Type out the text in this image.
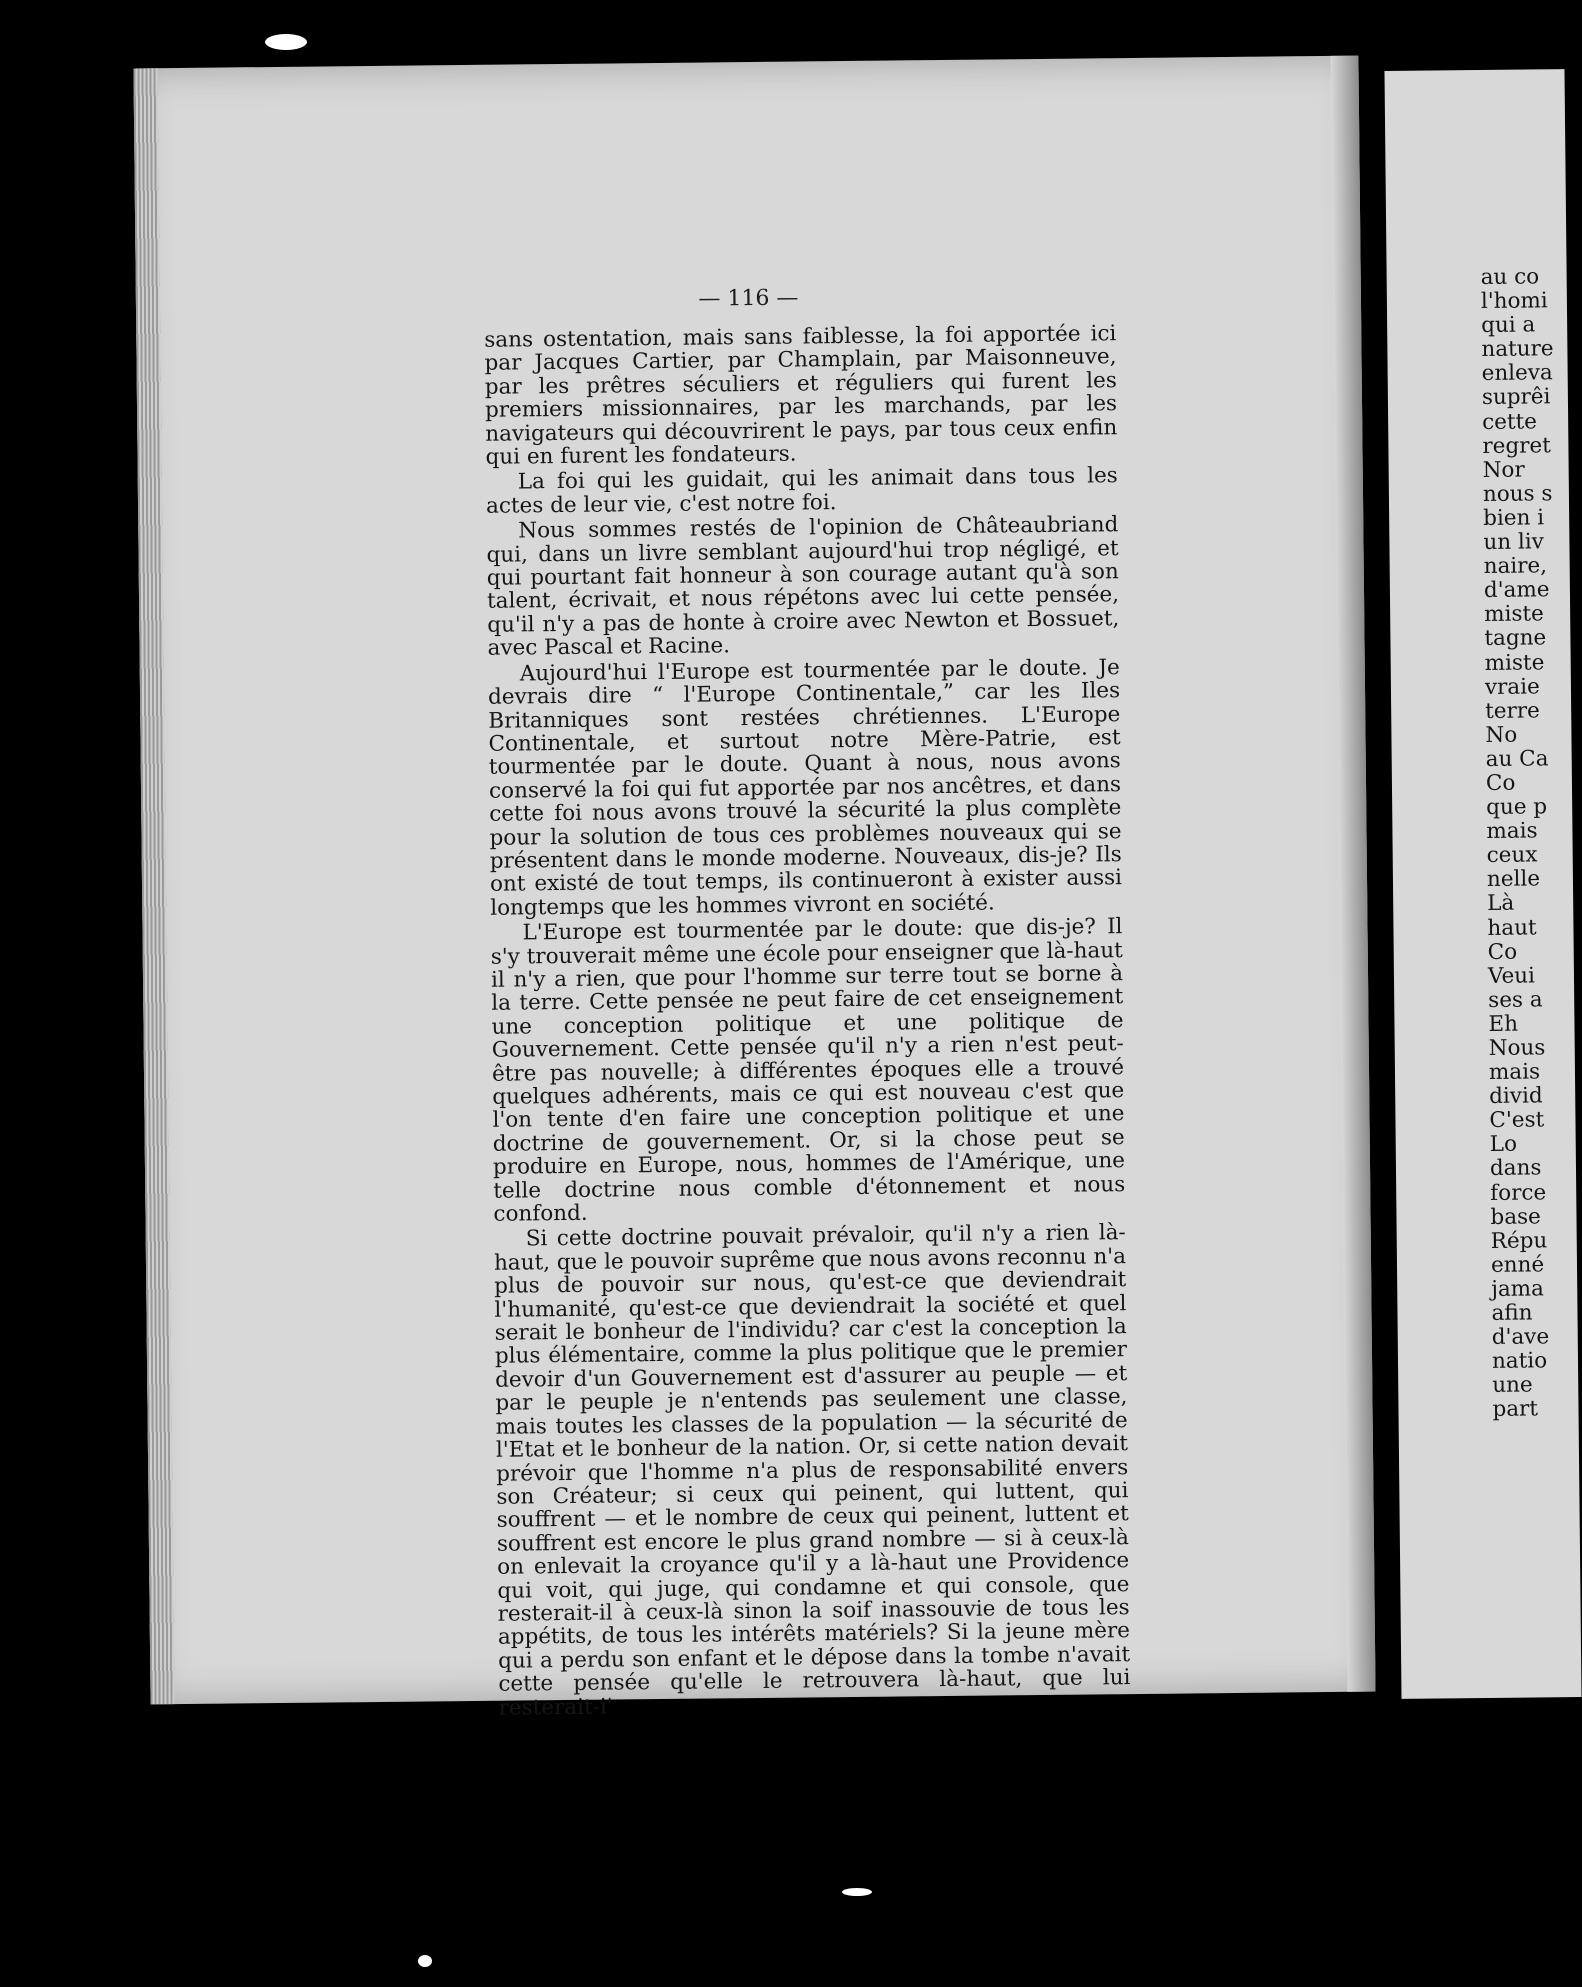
— 116 —

sans ostentation, mais sans faiblesse, la foi apportée ici par Jacques Cartier, par Champlain, par Maisonneuve, par les prêtres séculiers et réguliers qui furent les premiers missionnaires, par les marchands, par les navigateurs qui découvrirent le pays, par tous ceux enfin qui en furent les fondateurs.

La foi qui les guidait, qui les animait dans tous les actes de leur vie, c'est notre foi.

Nous sommes restés de l'opinion de Châteaubriand qui, dans un livre semblant aujourd'hui trop négligé, et qui pourtant fait honneur à son courage autant qu'à son talent, écrivait, et nous répétons avec lui cette pensée, qu'il n'y a pas de honte à croire avec Newton et Bossuet, avec Pascal et Racine.

Aujourd'hui l'Europe est tourmentée par le doute. Je devrais dire “ l'Europe Continentale,” car les Iles Britanniques sont restées chrétiennes. L'Europe Continentale, et surtout notre Mère-Patrie, est tourmentée par le doute. Quant à nous, nous avons conservé la foi qui fut apportée par nos ancêtres, et dans cette foi nous avons trouvé la sécurité la plus complète pour la solution de tous ces problèmes nouveaux qui se présentent dans le monde moderne. Nouveaux, dis-je? Ils ont existé de tout temps, ils continueront à exister aussi longtemps que les hommes vivront en société.

L'Europe est tourmentée par le doute: que dis-je? Il s'y trouverait même une école pour enseigner que là-haut il n'y a rien, que pour l'homme sur terre tout se borne à la terre. Cette pensée ne peut faire de cet enseignement une conception politique et une politique de Gouvernement. Cette pensée qu'il n'y a rien n'est peut-être pas nouvelle; à différentes époques elle a trouvé quelques adhérents, mais ce qui est nouveau c'est que l'on tente d'en faire une conception politique et une doctrine de gouvernement. Or, si la chose peut se produire en Europe, nous, hommes de l'Amérique, une telle doctrine nous comble d'étonnement et nous confond.

Si cette doctrine pouvait prévaloir, qu'il n'y a rien là-haut, que le pouvoir suprême que nous avons reconnu n'a plus de pouvoir sur nous, qu'est-ce que deviendrait l'humanité, qu'est-ce que deviendrait la société et quel serait le bonheur de l'individu? car c'est la conception la plus élémentaire, comme la plus politique que le premier devoir d'un Gouvernement est d'assurer au peuple — et par le peuple je n'entends pas seulement une classe, mais toutes les classes de la population — la sécurité de l'Etat et le bonheur de la nation. Or, si cette nation devait prévoir que l'homme n'a plus de responsabilité envers son Créateur; si ceux qui peinent, qui luttent, qui souffrent — et le nombre de ceux qui peinent, luttent et souffrent est encore le plus grand nombre — si à ceux-là on enlevait la croyance qu'il y a là-haut une Providence qui voit, qui juge, qui condamne et qui console, que resterait-il à ceux-là sinon la soif inassouvie de tous les appétits, de tous les intérêts matériels? Si la jeune mère qui a perdu son enfant et le dépose dans la tombe n'avait cette pensée qu'elle le retrouvera là-haut, que lui resterait-i'

au co
l'homi
qui a
nature
enleva
suprêi
cette
regret
Nor
nous s
bien i
un liv
naire,
d'ame
miste
tagne
miste
vraie
terre
No
au Ca
Co
que p
mais
ceux
nelle
Là
haut
Co
Veui
ses a
Eh
Nous
mais
divid
C'est
Lo
dans
force
base
Répu
enné
jama
afin
d'ave
natio
une
part
